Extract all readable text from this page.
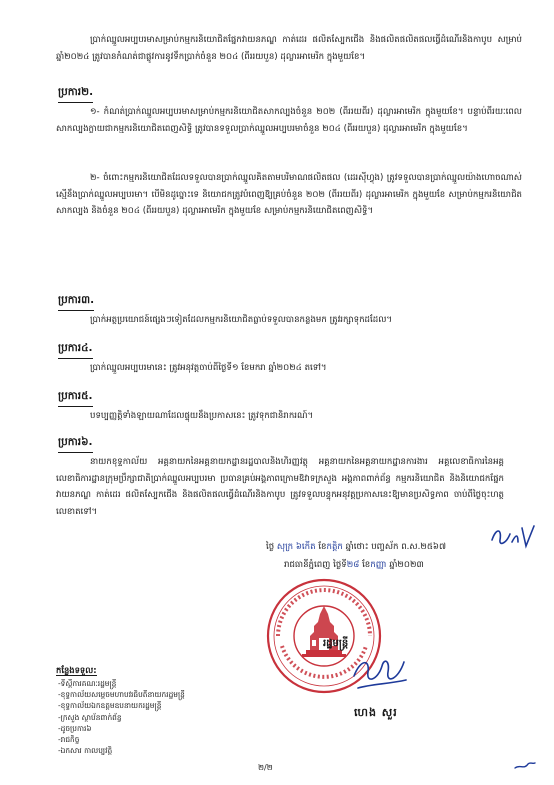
ប្រាក់ឈ្នួលអប្បបរមាសម្រាប់កម្មករនិយោជិតផ្នែកវាយនភណ្ឌ កាត់ដេរ ផលិតស្បែកជើង និងផលិតផលិតផលធ្វើដំណើរនិងកាបូប សម្រាប់ឆ្នាំ២០២៤ ត្រូវបានកំណត់ជាផ្លូវការនូវទឹកប្រាក់ចំនួន ២០៤ (ពីររយបួន) ដុល្លារអាមេរិក ក្នុងមួយខែ។

ប្រការ២.

១- កំណត់ប្រាក់ឈ្នួលអប្បបរមាសម្រាប់កម្មករនិយោជិតសាកល្បងចំនួន ២០២ (ពីររយពីរ) ដុល្លារអាមេរិក ក្នុងមួយខែ។ បន្ទាប់ពីរយៈពេលសាកល្បងក្លាយជាកម្មករនិយោជិតពេញសិទ្ធិ ត្រូវបានទទួលប្រាក់ឈ្នួលអប្បបរមាចំនួន ២០៤ (ពីររយបួន) ដុល្លារអាមេរិក ក្នុងមួយខែ។

២- ចំពោះកម្មករនិយោជិតដែលទទួលបានប្រាក់ឈ្នួលគិតតាមបរិមាណផលិតផល (ដេរស៊ីហ្វុង) ត្រូវទទួលបានប្រាក់ឈ្នួលយ៉ាងហោចណាស់ស្មើនឹងប្រាក់ឈ្នួលអប្បបរមា។ បើមិនដូច្នោះទេ និយោជកត្រូវបំពេញឱ្យគ្រប់ចំនួន ២០២ (ពីររយពីរ) ដុល្លារអាមេរិក ក្នុងមួយខែ សម្រាប់កម្មករនិយោជិតសាកល្បង និងចំនួន ២០៤ (ពីររយបួន) ដុល្លារអាមេរិក ក្នុងមួយខែ សម្រាប់កម្មករនិយោជិតពេញសិទ្ធិ។

ប្រការ៣.

ប្រាក់អត្ថប្រយោជន៍ផ្សេងៗទៀតដែលកម្មករនិយោជិតធ្លាប់ទទួលបានកន្លងមក ត្រូវរក្សាទុកដដែល។

ប្រការ៤.

ប្រាក់ឈ្នួលអប្បបរមានេះ ត្រូវអនុវត្តចាប់ពីថ្ងៃទី១ ខែមករា ឆ្នាំ២០២៤ តទៅ។

ប្រការ៥.

បទប្បញ្ញត្តិទាំងឡាយណាដែលផ្ទុយនឹងប្រកាសនេះ ត្រូវទុកជានិរាករណ៍។

ប្រការ៦.

នាយកខុទ្ទកាល័យ អគ្គនាយកនៃអគ្គនាយកដ្ឋានរដ្ឋបាលនិងហិរញ្ញវត្ថុ អគ្គនាយកនៃអគ្គនាយកដ្ឋានការងារ អគ្គលេខាធិការនៃអគ្គលេខាធិការដ្ឋានក្រុមប្រឹក្សាជាតិប្រាក់ឈ្នួលអប្បបរមា ប្រធានគ្រប់អង្គភាពក្រោមឱវាទក្រសួង អង្គភាពពាក់ព័ន្ធ កម្មករនិយោជិត និងនិយោជកផ្នែកវាយនភណ្ឌ កាត់ដេរ ផលិតស្បែកជើង និងផលិតផលធ្វើដំណើរនិងកាបូប ត្រូវទទួលបន្ទុកអនុវត្តប្រកាសនេះឱ្យមានប្រសិទ្ធភាព ចាប់ពីថ្ងៃចុះហត្ថលេខាតទៅ។

ថ្ងៃ សុក្រ ៦កើត ខែកត្តិក ឆ្នាំថោះ បញ្ចស័ក ព.ស.២៥៦៧
រាជធានីភ្នំពេញ ថ្ងៃទី២៨ ខែកញ្ញា ឆ្នាំ២០២៣
រដ្ឋមន្ត្រី
ហេង សួរ
កន្លែងទទួល:
-ទីស្តីការគណៈរដ្ឋមន្ត្រី
-ខុទ្ទកាល័យសម្តេចមហាបវរធិបតីនាយករដ្ឋមន្ត្រី
-ខុទ្ទកាល័យឯកឧត្តមឧបនាយករដ្ឋមន្ត្រី
-ក្រសួង ស្ថាប័នពាក់ព័ន្ធ
-ដូចប្រការ៦
-រាជកិច្ច
-ឯកសារ កាលប្បវត្តិ
២/២
